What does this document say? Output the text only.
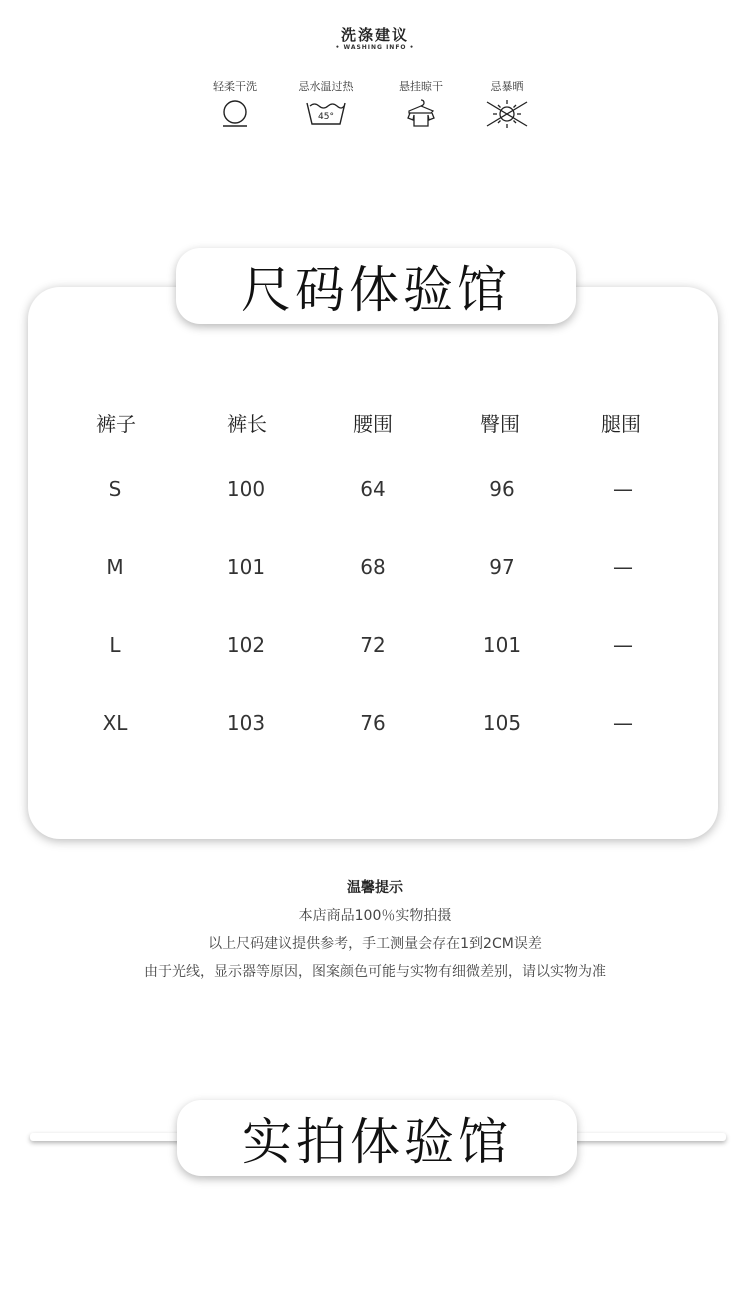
洗涤建议
• WASHING INFO •
轻柔干洗	忌水温过热
45°
悬挂晾干	忌暴晒
尺码体验馆
裤子	裤长	腰围	臀围	腿围
S	100	64	96	—
M	101	68	97	—
L	102	72	101	—
XL	103	76	105	—
温馨提示
本店商品100％实物拍摄
以上尺码建议提供参考，手工测量会存在1到2CM误差
由于光线，显示器等原因，图案颜色可能与实物有细微差别，请以实物为准
实拍体验馆
